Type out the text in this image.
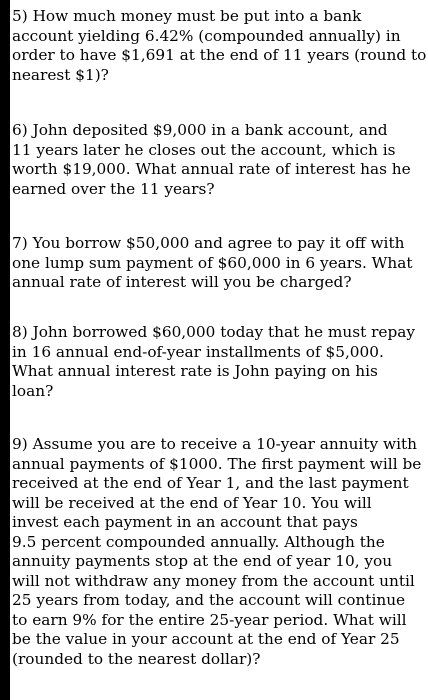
5) How much money must be put into a bank
account yielding 6.42% (compounded annually) in
order to have $1,691 at the end of 11 years (round to
nearest $1)?
6) John deposited $9,000 in a bank account, and
11 years later he closes out the account, which is
worth $19,000. What annual rate of interest has he
earned over the 11 years?
7) You borrow $50,000 and agree to pay it off with
one lump sum payment of $60,000 in 6 years. What
annual rate of interest will you be charged?
8) John borrowed $60,000 today that he must repay
in 16 annual end-of-year installments of $5,000.
What annual interest rate is John paying on his
loan?
9) Assume you are to receive a 10-year annuity with
annual payments of $1000. The first payment will be
received at the end of Year 1, and the last payment
will be received at the end of Year 10. You will
invest each payment in an account that pays
9.5 percent compounded annually. Although the
annuity payments stop at the end of year 10, you
will not withdraw any money from the account until
25 years from today, and the account will continue
to earn 9% for the entire 25-year period. What will
be the value in your account at the end of Year 25
(rounded to the nearest dollar)?
